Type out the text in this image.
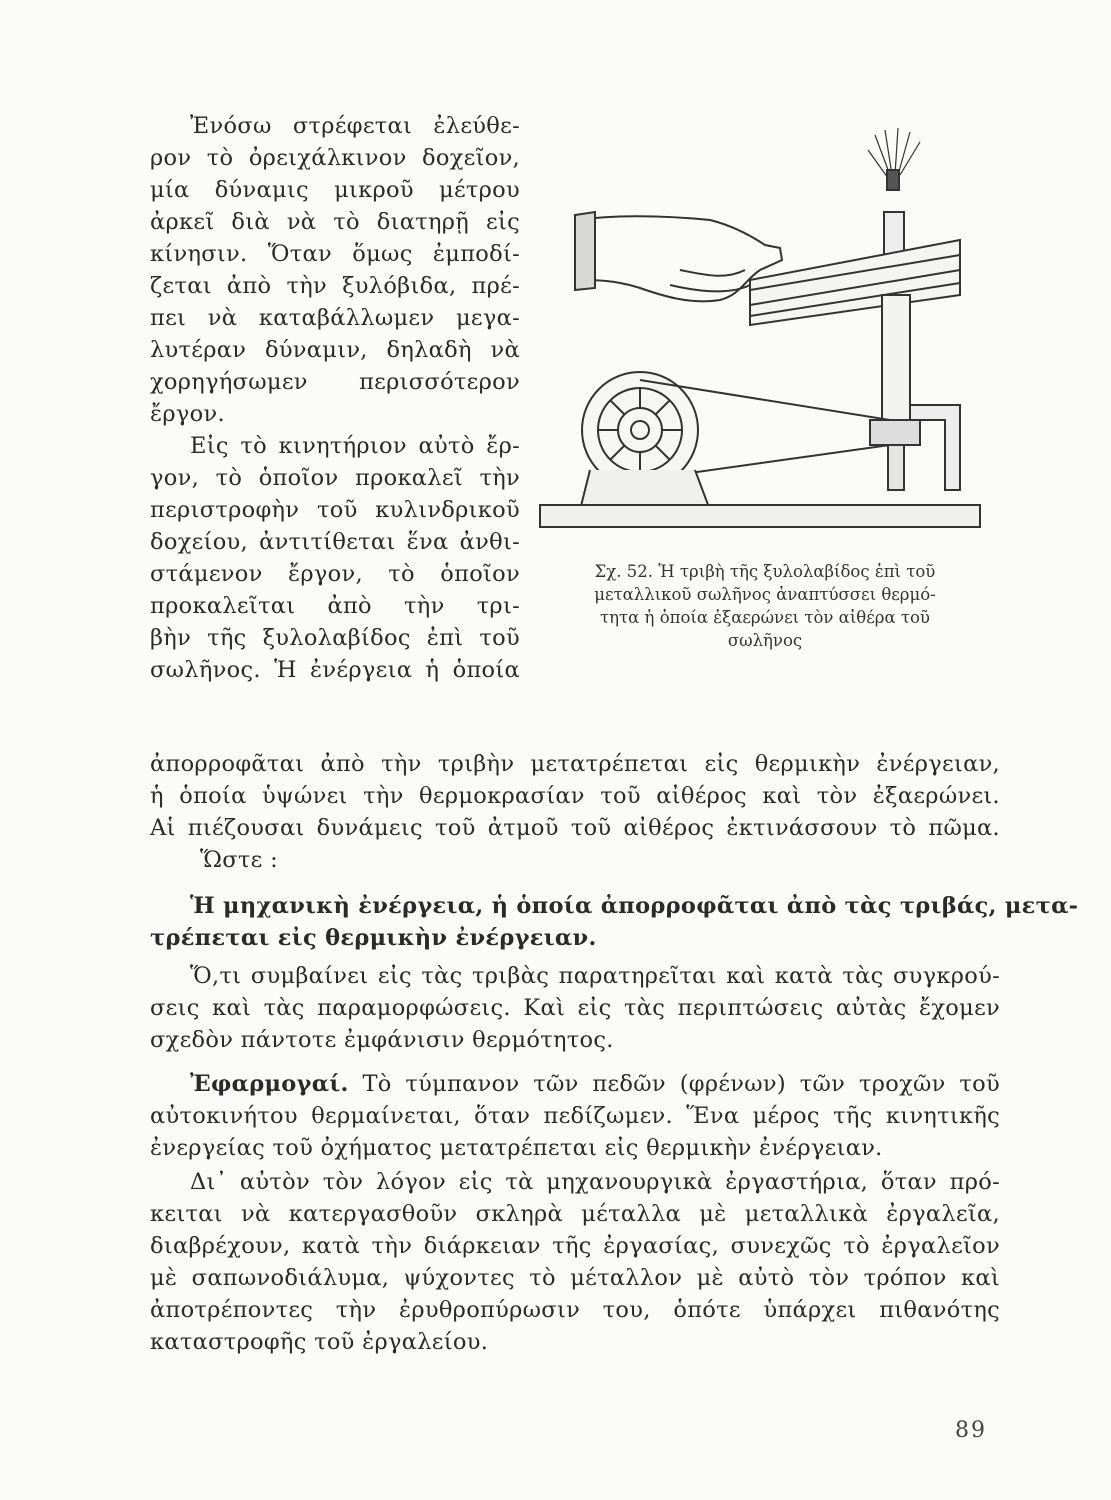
Ἐνόσω στρέφεται ἐλεύθε-
ρον τὸ ὀρειχάλκινον δοχεῖον,
μία δύναμις μικροῦ μέτρου
ἀρκεῖ διὰ νὰ τὸ διατηρῇ εἰς
κίνησιν. Ὅταν ὅμως ἐμποδί-
ζεται ἀπὸ τὴν ξυλόβιδα, πρέ-
πει νὰ καταβάλλωμεν μεγα-
λυτέραν δύναμιν, δηλαδὴ νὰ
χορηγήσωμεν περισσότερον
ἔργον.
Εἰς τὸ κινητήριον αὐτὸ ἔρ-
γον, τὸ ὁποῖον προκαλεῖ τὴν
περιστροφὴν τοῦ κυλινδρικοῦ
δοχείου, ἀντιτίθεται ἕνα ἀνθι-
στάμενον ἔργον, τὸ ὁποῖον
προκαλεῖται ἀπὸ τὴν τρι-
βὴν τῆς ξυλολαβίδος ἐπὶ τοῦ
σωλῆνος. Ἡ ἐνέργεια ἡ ὁποία
Σχ. 52. Ἡ τριβὴ τῆς ξυλολαβίδος ἐπὶ τοῦ
μεταλλικοῦ σωλῆνος ἀναπτύσσει θερμό-
τητα ἡ ὁποία ἐξαερώνει τὸν αἰθέρα τοῦ
σωλῆνος
ἀπορροφᾶται ἀπὸ τὴν τριβὴν μετατρέπεται εἰς θερμικὴν ἐνέργειαν,
ἡ ὁποία ὑψώνει τὴν θερμοκρασίαν τοῦ αἰθέρος καὶ τὸν ἐξαερώνει.
Αἱ πιέζουσαι δυνάμεις τοῦ ἀτμοῦ τοῦ αἰθέρος ἐκτινάσσουν τὸ πῶμα.
Ὥστε :
Ἡ μηχανικὴ ἐνέργεια, ἡ ὁποία ἀπορροφᾶται ἀπὸ τὰς τριβάς, μετα-
τρέπεται εἰς θερμικὴν ἐνέργειαν.
Ὅ,τι συμβαίνει εἰς τὰς τριβὰς παρατηρεῖται καὶ κατὰ τὰς συγκρού-
σεις καὶ τὰς παραμορφώσεις. Καὶ εἰς τὰς περιπτώσεις αὐτὰς ἔχομεν
σχεδὸν πάντοτε ἐμφάνισιν θερμότητος.
Ἐφαρμογαί. Τὸ τύμπανον τῶν πεδῶν (φρένων) τῶν τροχῶν τοῦ
αὐτοκινήτου θερμαίνεται, ὅταν πεδίζωμεν. Ἕνα μέρος τῆς κινητικῆς
ἐνεργείας τοῦ ὀχήματος μετατρέπεται εἰς θερμικὴν ἐνέργειαν.
Δι᾽ αὐτὸν τὸν λόγον εἰς τὰ μηχανουργικὰ ἐργαστήρια, ὅταν πρό-
κειται νὰ κατεργασθοῦν σκληρὰ μέταλλα μὲ μεταλλικὰ ἐργαλεῖα,
διαβρέχουν, κατὰ τὴν διάρκειαν τῆς ἐργασίας, συνεχῶς τὸ ἐργαλεῖον
μὲ σαπωνοδιάλυμα, ψύχοντες τὸ μέταλλον μὲ αὐτὸ τὸν τρόπον καὶ
ἀποτρέποντες τὴν ἐρυθροπύρωσιν του, ὁπότε ὑπάρχει πιθανότης
καταστροφῆς τοῦ ἐργαλείου.
89
